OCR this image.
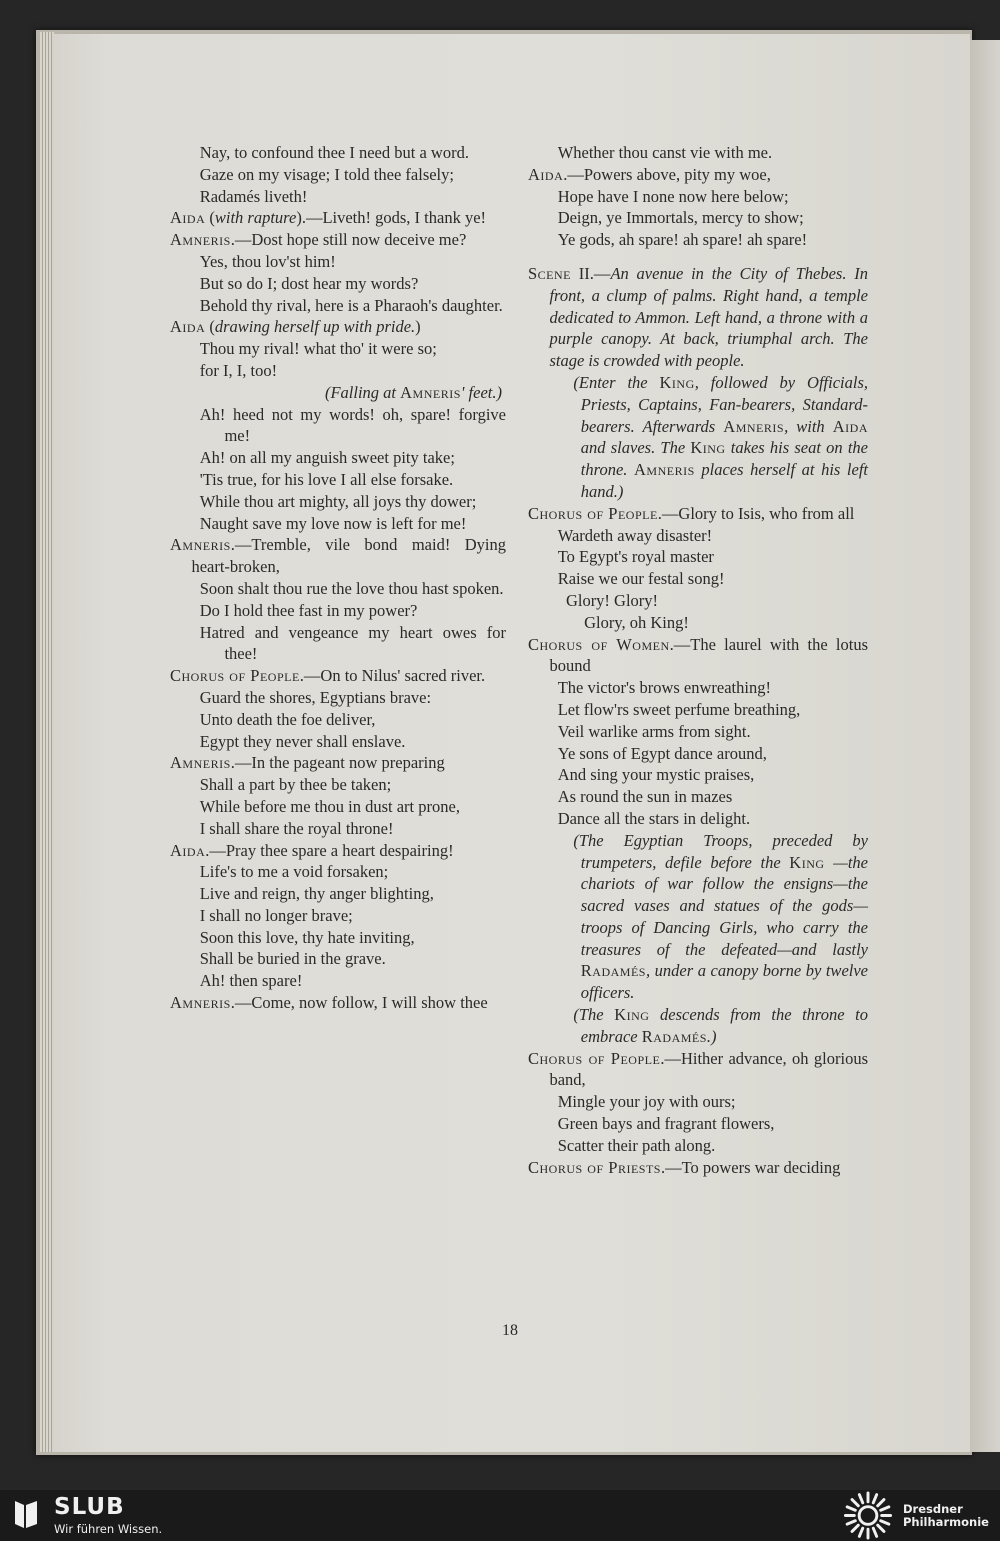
Nay, to confound thee I need but a word.
Gaze on my visage; I told thee falsely;
Radamés liveth!
Aida (with rapture).—Liveth! gods, I thank ye!
Amneris.—Dost hope still now deceive me?
Yes, thou lov'st him!
But so do I; dost hear my words?
Behold thy rival, here is a Pharaoh's daughter.
Aida (drawing herself up with pride.)
Thou my rival! what tho' it were so;
for I, I, too!
(Falling at Amneris' feet.)
Ah! heed not my words! oh, spare! forgive me!
Ah! on all my anguish sweet pity take;
'Tis true, for his love I all else forsake.
While thou art mighty, all joys thy dower;
Naught save my love now is left for me!
Amneris.—Tremble, vile bond maid! Dying heart-broken,
Soon shalt thou rue the love thou hast spoken.
Do I hold thee fast in my power?
Hatred and vengeance my heart owes for thee!
Chorus of People.—On to Nilus' sacred river.
Guard the shores, Egyptians brave:
Unto death the foe deliver,
Egypt they never shall enslave.
Amneris.—In the pageant now preparing
Shall a part by thee be taken;
While before me thou in dust art prone,
I shall share the royal throne!
Aida.—Pray thee spare a heart despairing!
Life's to me a void forsaken;
Live and reign, thy anger blighting,
I shall no longer brave;
Soon this love, thy hate inviting,
Shall be buried in the grave.
Ah! then spare!
Amneris.—Come, now follow, I will show thee
Whether thou canst vie with me.
Aida.—Powers above, pity my woe,
Hope have I none now here below;
Deign, ye Immortals, mercy to show;
Ye gods, ah spare! ah spare! ah spare!
Scene II.—An avenue in the City of Thebes. In front, a clump of palms. Right hand, a temple dedicated to Ammon. Left hand, a throne with a purple canopy. At back, triumphal arch. The stage is crowded with people.
(Enter the King, followed by Officials, Priests, Captains, Fan-bearers, Standard-bearers. Afterwards Amneris, with Aida and slaves. The King takes his seat on the throne. Amneris places herself at his left hand.)
Chorus of People.—Glory to Isis, who from all
Wardeth away disaster!
To Egypt's royal master
Raise we our festal song!
Glory! Glory!
Glory, oh King!
Chorus of Women.—The laurel with the lotus bound
The victor's brows enwreathing!
Let flow'rs sweet perfume breathing,
Veil warlike arms from sight.
Ye sons of Egypt dance around,
And sing your mystic praises,
As round the sun in mazes
Dance all the stars in delight.
(The Egyptian Troops, preceded by trumpeters, defile before the King —the chariots of war follow the ensigns—the sacred vases and statues of the gods—troops of Dancing Girls, who carry the treasures of the defeated—and lastly Radamés, under a canopy borne by twelve officers.
(The King descends from the throne to embrace Radamés.)
Chorus of People.—Hither advance, oh glorious band,
Mingle your joy with ours;
Green bays and fragrant flowers,
Scatter their path along.
Chorus of Priests.—To powers war deciding
18
SLUB
Wir führen Wissen.
Dresdner
Philharmonie
